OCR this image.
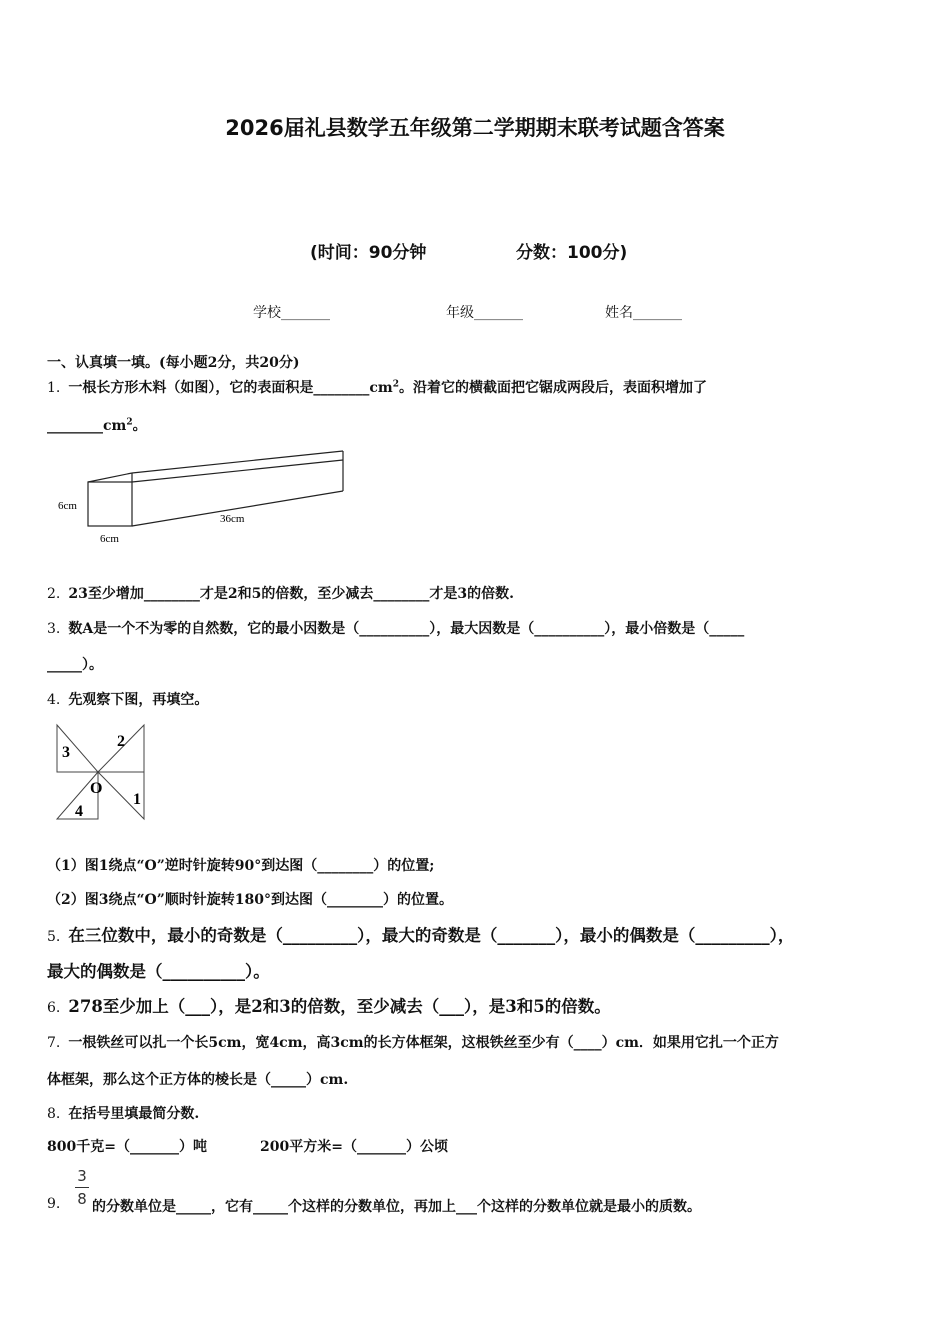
2026届礼县数学五年级第二学期期末联考试题含答案
(时间：90分钟	分数：100分)
学校_______	年级_______	姓名_______
一、认真填一填。(每小题2分，共20分)
1. 一根长方形木料（如图），它的表面积是$\_\_\_\_\_\_\_\_cm^2$。沿着它的横截面把它锯成两段后，表面积增加了
$\_\_\_\_\_\_\_\_cm^2$。
6cm
6cm
36cm
2. 23至少增加________才是2和5的倍数，至少减去________才是3的倍数.
3. 数A是一个不为零的自然数，它的最小因数是（__________），最大因数是（__________），最小倍数是（_____
_____）。
4. 先观察下图，再填空。
3
2
O
1
4
（1）图1绕点“O”逆时针旋转90°到达图（________）的位置;
（2）图3绕点“O”顺时针旋转180°到达图（________）的位置。
5. 在三位数中，最小的奇数是（_________），最大的奇数是（_______），最小的偶数是（_________），
最大的偶数是（__________）。
6. 278至少加上（___），是2和3的倍数，至少减去（___），是3和5的倍数。
7. 一根铁丝可以扎一个长5cm，宽4cm，高3cm的长方体框架，这根铁丝至少有（____）cm．如果用它扎一个正方
体框架，那么这个正方体的棱长是（_____）cm.
8. 在括号里填最简分数.
800千克=（_______）吨	200平方米=（_______）公顷
9.
3
8 的分数单位是_____，它有_____个这样的分数单位，再加上___个这样的分数单位就是最小的质数。
